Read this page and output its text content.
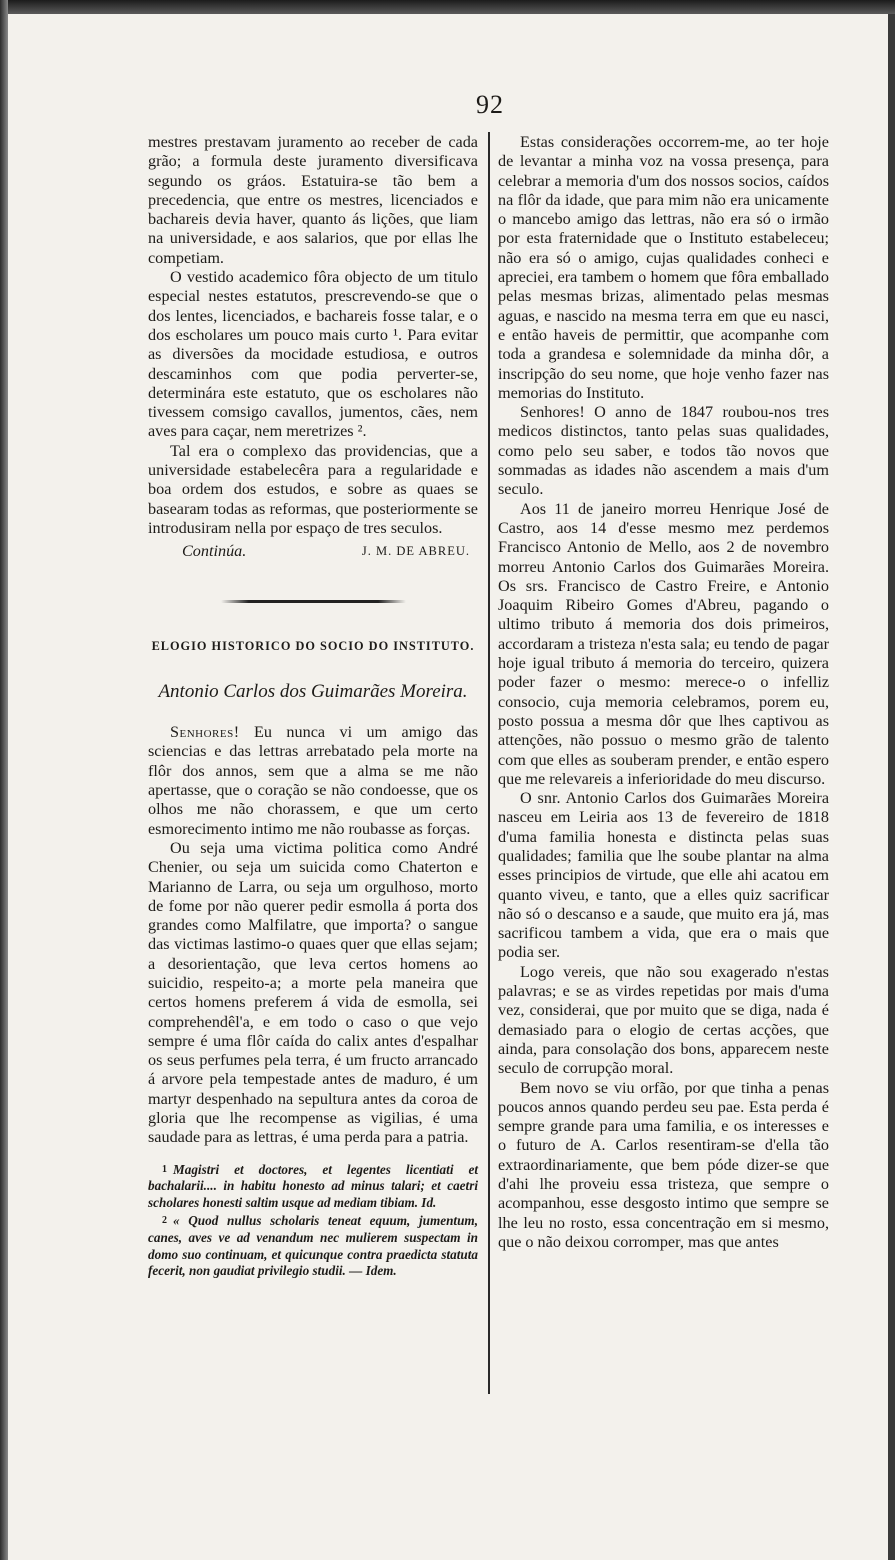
92

mestres prestavam juramento ao receber de cada grão; a formula deste juramento diversificava segundo os gráos. Estatuira-se tão bem a precedencia, que entre os mestres, licenciados e bachareis devia haver, quanto ás lições, que liam na universidade, e aos salarios, que por ellas lhe competiam.

O vestido academico fôra objecto de um titulo especial nestes estatutos, prescrevendo-se que o dos lentes, licenciados, e bachareis fosse talar, e o dos escholares um pouco mais curto ¹. Para evitar as diversões da mocidade estudiosa, e outros descaminhos com que podia perverter-se, determinára este estatuto, que os escholares não tivessem comsigo cavallos, jumentos, cães, nem aves para caçar, nem meretrizes ².

Tal era o complexo das providencias, que a universidade estabelecêra para a regularidade e boa ordem dos estudos, e sobre as quaes se basearam todas as reformas, que posteriormente se introdusiram nella por espaço de tres seculos.

Continúa.	J. M. DE ABREU.
ELOGIO HISTORICO DO SOCIO DO INSTITUTO.
Antonio Carlos dos Guimarães Moreira.

Senhores! Eu nunca vi um amigo das sciencias e das lettras arrebatado pela morte na flôr dos annos, sem que a alma se me não apertasse, que o coração se não condoesse, que os olhos me não chorassem, e que um certo esmorecimento intimo me não roubasse as forças.

Ou seja uma victima politica como André Chenier, ou seja um suicida como Chaterton e Marianno de Larra, ou seja um orgulhoso, morto de fome por não querer pedir esmolla á porta dos grandes como Malfilatre, que importa? o sangue das victimas lastimo-o quaes quer que ellas sejam; a desorientação, que leva certos homens ao suicidio, respeito-a; a morte pela maneira que certos homens preferem á vida de esmolla, sei comprehendêl'a, e em todo o caso o que vejo sempre é uma flôr caída do calix antes d'espalhar os seus perfumes pela terra, é um fructo arrancado á arvore pela tempestade antes de maduro, é um martyr despenhado na sepultura antes da coroa de gloria que lhe recompense as vigilias, é uma saudade para as lettras, é uma perda para a patria.

$^1$ Magistri et doctores, et legentes licentiati et bachalarii.... in habitu honesto ad minus talari; et caetri scholares honesti saltim usque ad mediam tibiam. Id.

$^2$ « Quod nullus scholaris teneat equum, jumentum, canes, aves ve ad venandum nec mulierem suspectam in domo suo continuam, et quicunque contra praedicta statuta fecerit, non gaudiat privilegio studii. — Idem.

Estas considerações occorrem-me, ao ter hoje de levantar a minha voz na vossa presença, para celebrar a memoria d'um dos nossos socios, caídos na flôr da idade, que para mim não era unicamente o mancebo amigo das lettras, não era só o irmão por esta fraternidade que o Instituto estabeleceu; não era só o amigo, cujas qualidades conheci e apreciei, era tambem o homem que fôra emballado pelas mesmas brizas, alimentado pelas mesmas aguas, e nascido na mesma terra em que eu nasci, e então haveis de permittir, que acompanhe com toda a grandesa e solemnidade da minha dôr, a inscripção do seu nome, que hoje venho fazer nas memorias do Instituto.

Senhores! O anno de 1847 roubou-nos tres medicos distinctos, tanto pelas suas qualidades, como pelo seu saber, e todos tão novos que sommadas as idades não ascendem a mais d'um seculo.

Aos 11 de janeiro morreu Henrique José de Castro, aos 14 d'esse mesmo mez perdemos Francisco Antonio de Mello, aos 2 de novembro morreu Antonio Carlos dos Guimarães Moreira. Os srs. Francisco de Castro Freire, e Antonio Joaquim Ribeiro Gomes d'Abreu, pagando o ultimo tributo á memoria dos dois primeiros, accordaram a tristeza n'esta sala; eu tendo de pagar hoje igual tributo á memoria do terceiro, quizera poder fazer o mesmo: merece-o o infelliz consocio, cuja memoria celebramos, porem eu, posto possua a mesma dôr que lhes captivou as attenções, não possuo o mesmo grão de talento com que elles as souberam prender, e então espero que me relevareis a inferioridade do meu discurso.

O snr. Antonio Carlos dos Guimarães Moreira nasceu em Leiria aos 13 de fevereiro de 1818 d'uma familia honesta e distincta pelas suas qualidades; familia que lhe soube plantar na alma esses principios de virtude, que elle ahi acatou em quanto viveu, e tanto, que a elles quiz sacrificar não só o descanso e a saude, que muito era já, mas sacrificou tambem a vida, que era o mais que podia ser.

Logo vereis, que não sou exagerado n'estas palavras; e se as virdes repetidas por mais d'uma vez, considerai, que por muito que se diga, nada é demasiado para o elogio de certas acções, que ainda, para consolação dos bons, apparecem neste seculo de corrupção moral.

Bem novo se viu orfão, por que tinha a penas poucos annos quando perdeu seu pae. Esta perda é sempre grande para uma familia, e os interesses e o futuro de A. Carlos resentiram-se d'ella tão extraordinariamente, que bem póde dizer-se que d'ahi lhe proveiu essa tristeza, que sempre o acompanhou, esse desgosto intimo que sempre se lhe leu no rosto, essa concentração em si mesmo, que o não deixou corromper, mas que antes
